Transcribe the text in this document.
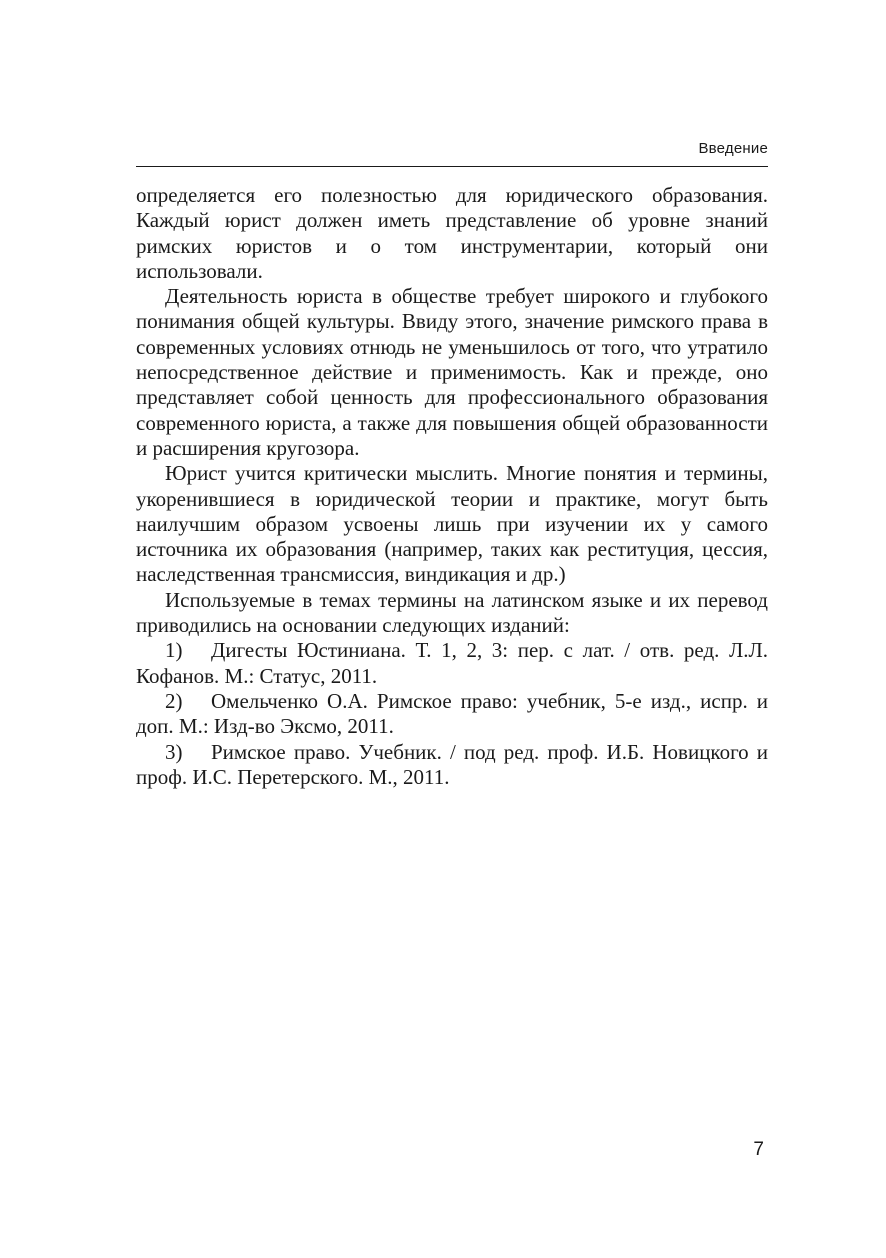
Введение

определяется его полезностью для юридического образования. Каждый юрист должен иметь представление об уровне знаний римских юристов и о том инструментарии, который они использовали.

Деятельность юриста в обществе требует широкого и глубокого понимания общей культуры. Ввиду этого, значение римского права в современных условиях отнюдь не уменьшилось от того, что утратило непосредственное действие и применимость. Как и прежде, оно представляет собой ценность для профессионального образования современного юриста, а также для повышения общей образованности и расширения кругозора.

Юрист учится критически мыслить. Многие понятия и термины, укоренившиеся в юридической теории и практике, могут быть наилучшим образом усвоены лишь при изучении их у самого источника их образования (например, таких как реституция, цессия, наследственная трансмиссия, виндикация и др.)

Используемые в темах термины на латинском языке и их перевод приводились на основании следующих изданий:

1) Дигесты Юстиниана. Т. 1, 2, 3: пер. с лат. / отв. ред. Л.Л. Кофанов. М.: Статус, 2011.

2) Омельченко О.А. Римское право: учебник, 5-е изд., испр. и доп. М.: Изд-во Эксмо, 2011.

3) Римское право. Учебник. / под ред. проф. И.Б. Новицкого и проф. И.С. Перетерского. М., 2011.

7
